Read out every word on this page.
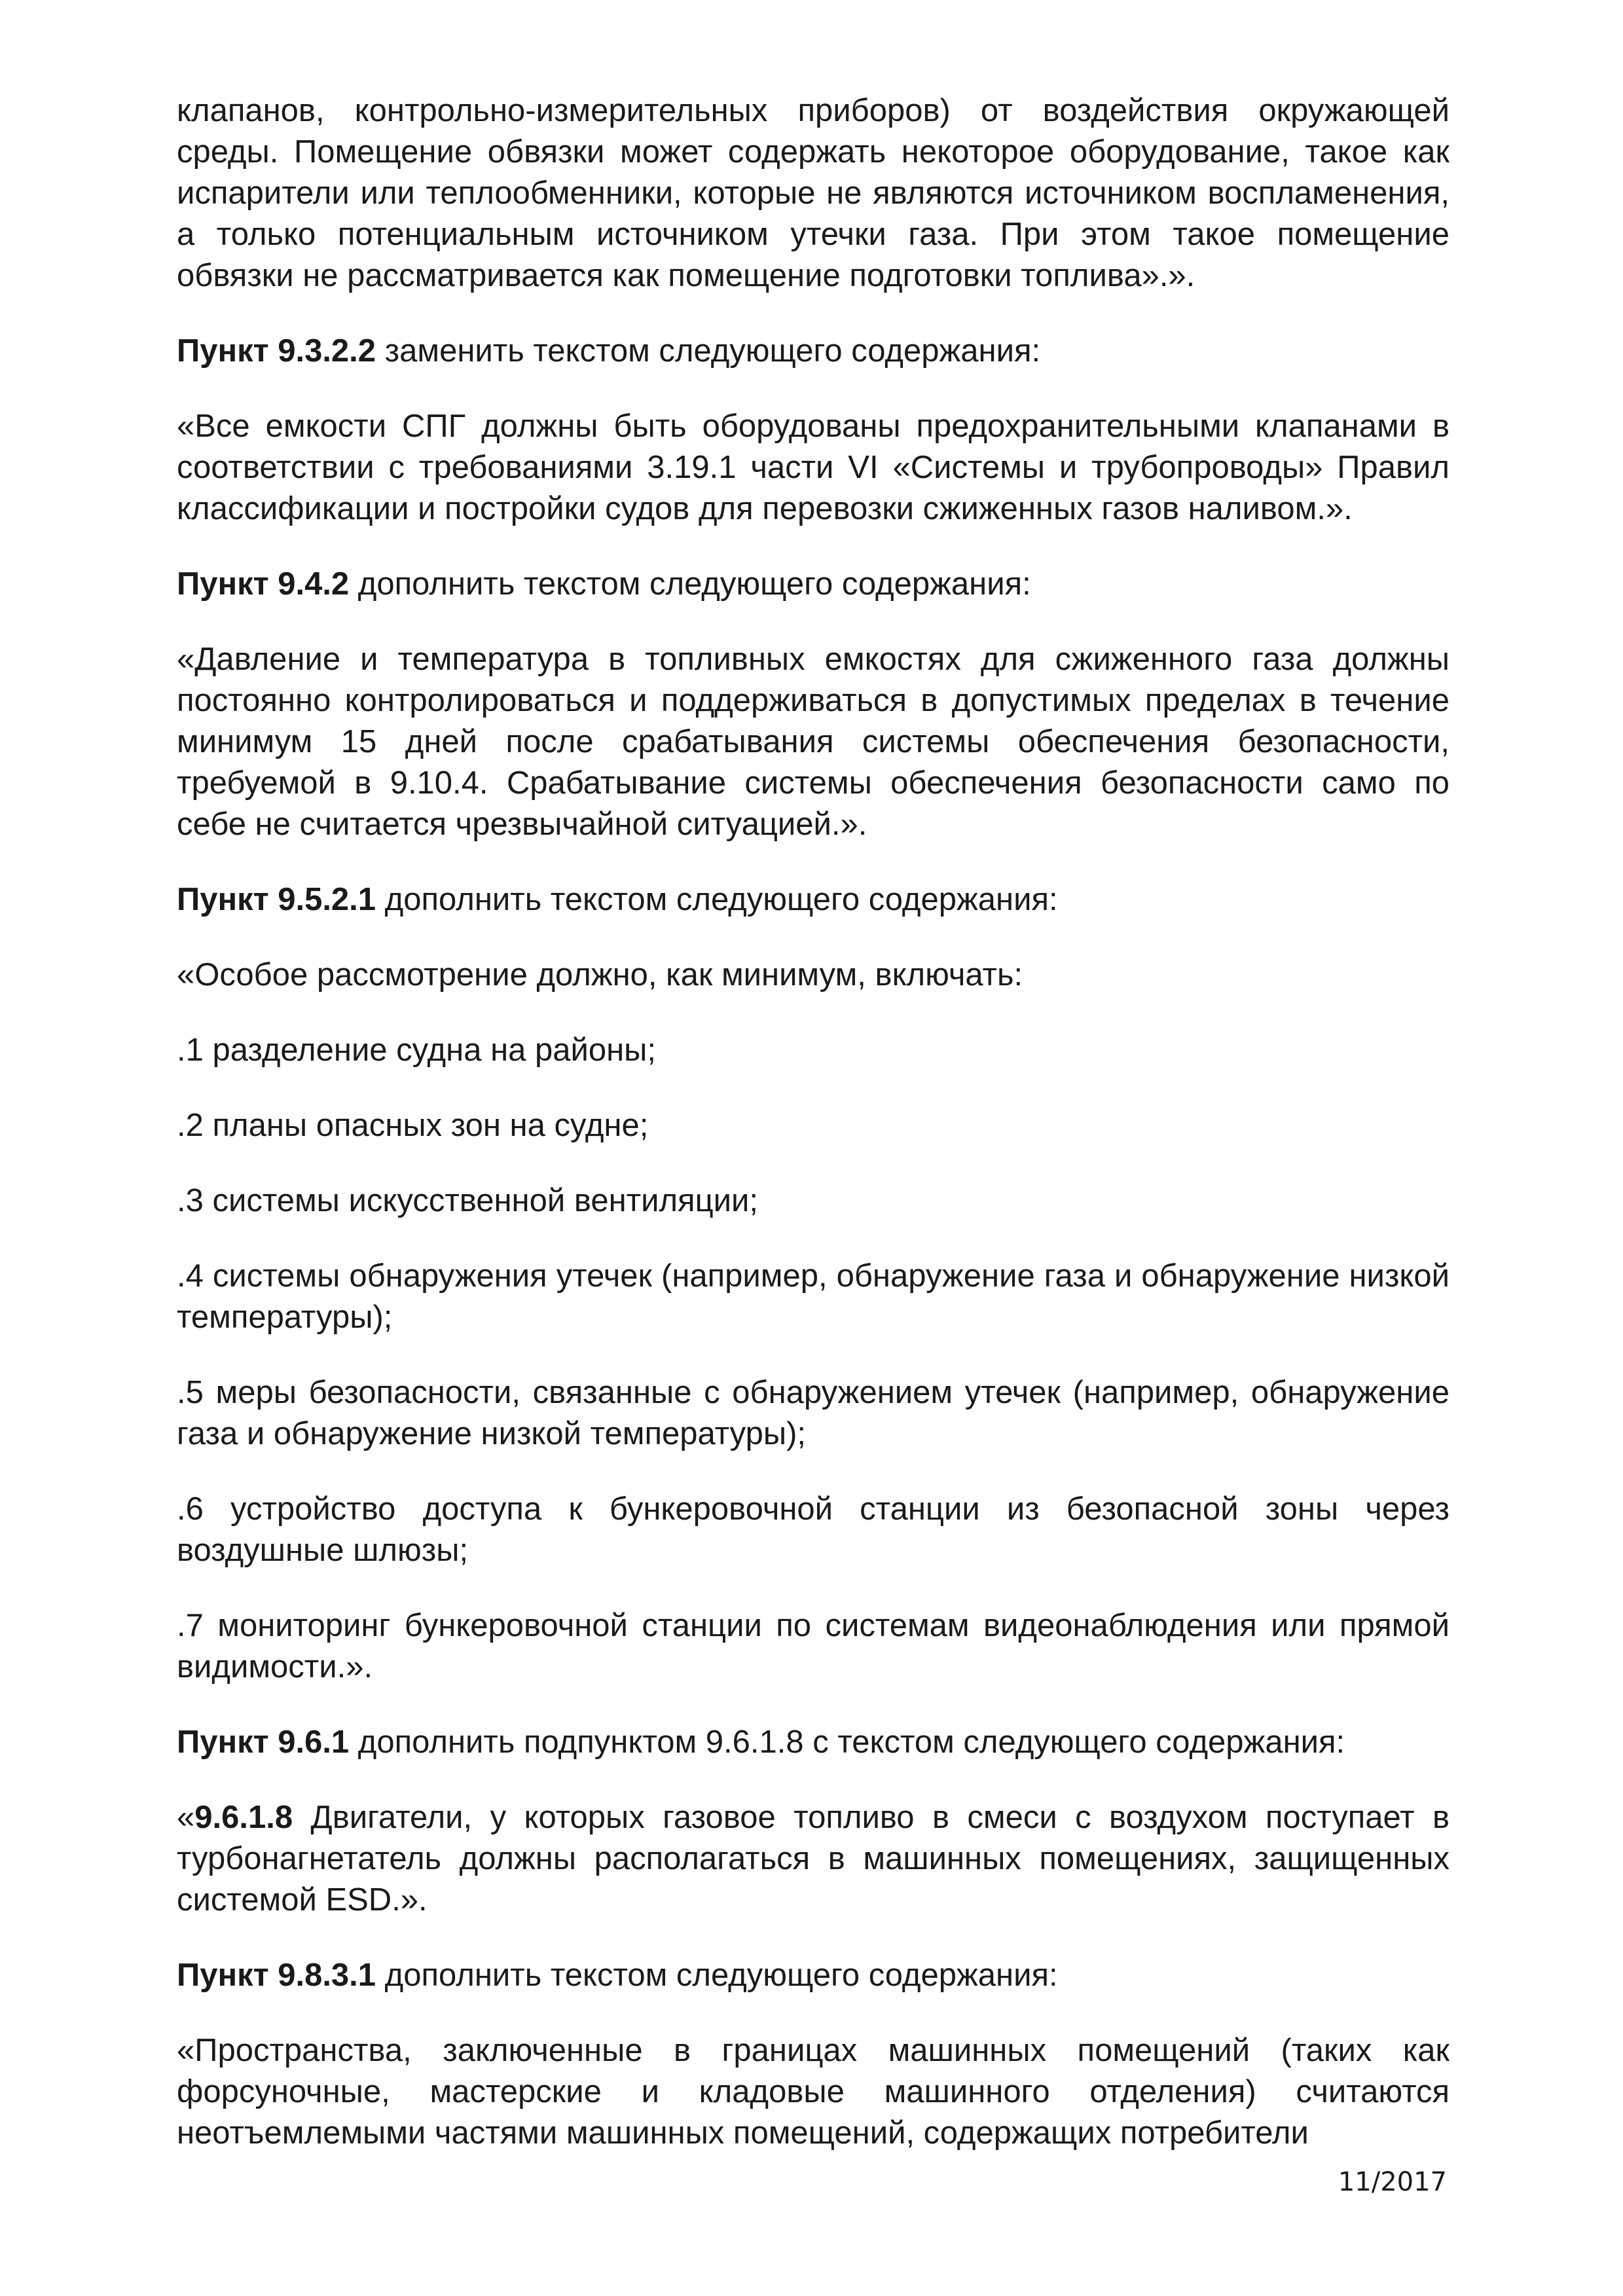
клапанов, контрольно-измерительных приборов) от воздействия окружающей среды. Помещение обвязки может содержать некоторое оборудование, такое как испарители или теплообменники, которые не являются источником воспламенения, а только потенциальным источником утечки газа. При этом такое помещение обвязки не рассматривается как помещение подготовки топлива».».

Пункт 9.3.2.2 заменить текстом следующего содержания:

«Все емкости СПГ должны быть оборудованы предохранительными клапанами в соответствии с требованиями 3.19.1 части VI «Системы и трубопроводы» Правил классификации и постройки судов для перевозки сжиженных газов наливом.».

Пункт 9.4.2 дополнить текстом следующего содержания:

«Давление и температура в топливных емкостях для сжиженного газа должны постоянно контролироваться и поддерживаться в допустимых пределах в течение минимум 15 дней после срабатывания системы обеспечения безопасности, требуемой в 9.10.4. Срабатывание системы обеспечения безопасности само по себе не считается чрезвычайной ситуацией.».

Пункт 9.5.2.1 дополнить текстом следующего содержания:

«Особое рассмотрение должно, как минимум, включать:

.1 разделение судна на районы;

.2 планы опасных зон на судне;

.3 системы искусственной вентиляции;

.4 системы обнаружения утечек (например, обнаружение газа и обнаружение низкой температуры);

.5 меры безопасности, связанные с обнаружением утечек (например, обнаружение газа и обнаружение низкой температуры);

.6 устройство доступа к бункеровочной станции из безопасной зоны через воздушные шлюзы;

.7 мониторинг бункеровочной станции по системам видеонаблюдения или прямой видимости.».

Пункт 9.6.1 дополнить подпунктом 9.6.1.8 с текстом следующего содержания:

«9.6.1.8 Двигатели, у которых газовое топливо в смеси с воздухом поступает в турбонагнетатель должны располагаться в машинных помещениях, защищенных системой ESD.».

Пункт 9.8.3.1 дополнить текстом следующего содержания:

«Пространства, заключенные в границах машинных помещений (таких как форсуночные, мастерские и кладовые машинного отделения) считаются неотъемлемыми частями машинных помещений, содержащих потребители

11/2017
